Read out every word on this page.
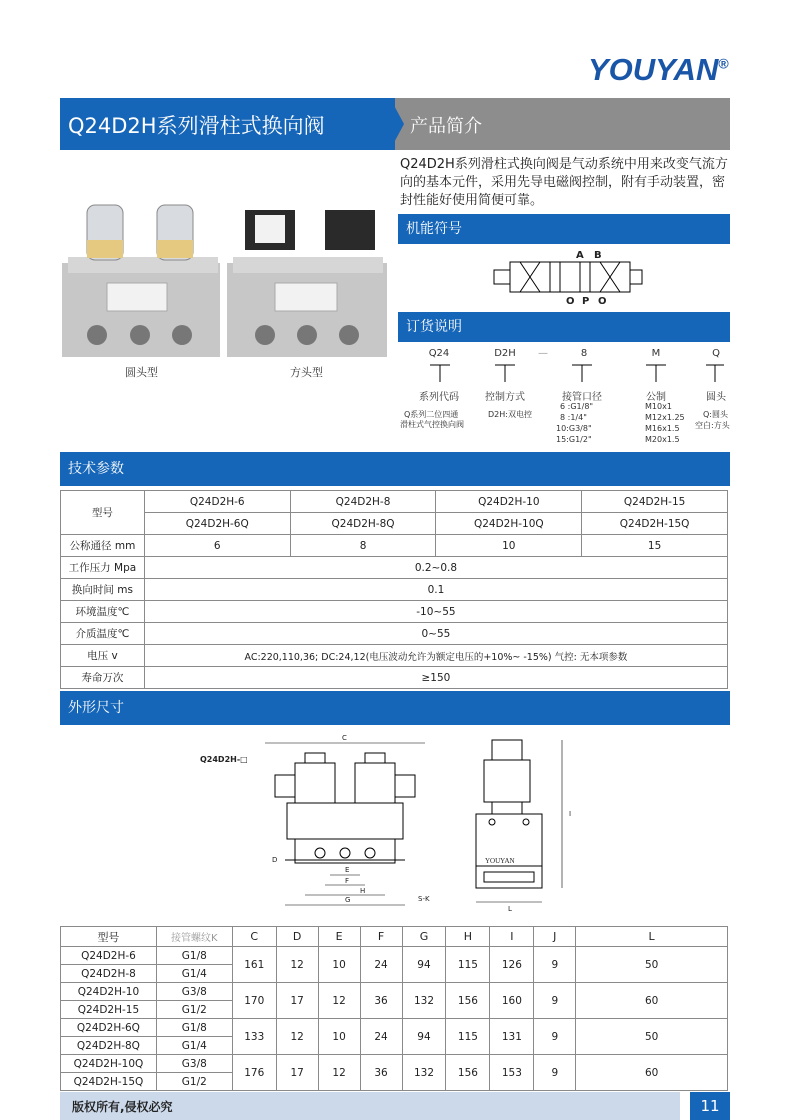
YOUYAN®
Q24D2H系列滑柱式换向阀	产品简介
Q24D2H系列滑柱式换向阀是气动系统中用来改变气流方向的基本元件，采用先导电磁阀控制，附有手动装置，密封性能好使用简便可靠。
圆头型	方头型
机能符号
A B
O P O
订货说明
Q24	D2H	—	8	M	Q
系列代码	控制方式	接管口径	公制	圆头
Q系列二位四通
滑柱式气控换向阀
D2H:双电控
6 :G1/8"
8 :1/4"
10:G3/8"
15:G1/2"
M10x1
M12x1.25
M16x1.5
M20x1.5
Q:圆头
空白:方头
技术参数
型号	Q24D2H-6	Q24D2H-8	Q24D2H-10	Q24D2H-15
	Q24D2H-6Q	Q24D2H-8Q	Q24D2H-10Q	Q24D2H-15Q
公称通径 mm	6	8	10	15
工作压力 Mpa	0.2~0.8			
换向时间 ms	0.1			
环境温度℃	-10~55			
介质温度℃	0~55			
电压 v	AC:220,110,36; DC:24,12(电压波动允许为额定电压的+10%~ -15%) 气控: 无本项参数			
寿命万次	≥150			
外形尺寸
Q24D2H-□
C
D
E
F
G
H
S-K
YOUYAN
I
L
型号	接管螺纹K	C	D	E	F	G	H	I	J	L
Q24D2H-6	G1/8	161	12	10	24	94	115	126	9	50
Q24D2H-8	G1/4									
Q24D2H-10	G3/8	170	17	12	36	132	156	160	9	60
Q24D2H-15	G1/2									
Q24D2H-6Q	G1/8	133	12	10	24	94	115	131	9	50
Q24D2H-8Q	G1/4									
Q24D2H-10Q	G3/8	176	17	12	36	132	156	153	9	60
Q24D2H-15Q	G1/2									
版权所有,侵权必究	11
